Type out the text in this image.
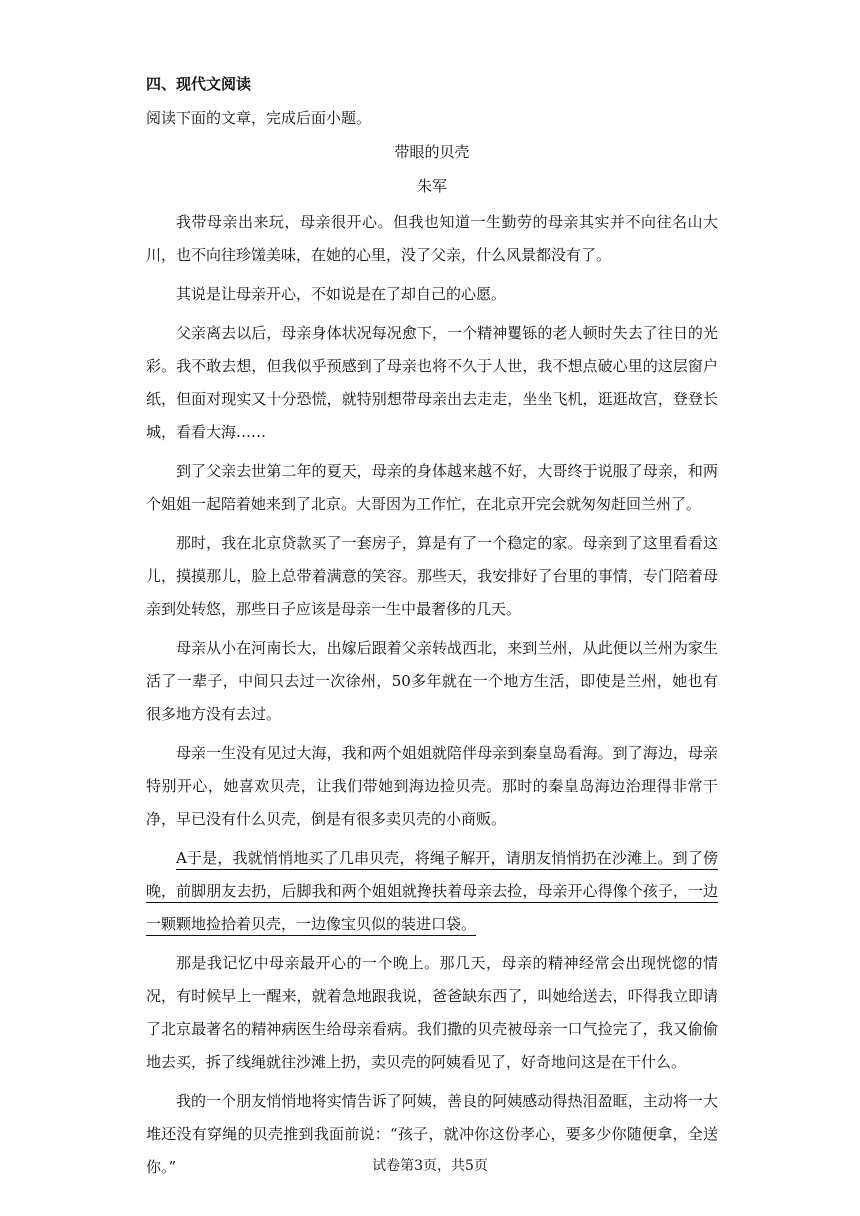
四、现代文阅读
阅读下面的文章，完成后面小题。
带眼的贝壳
朱军

我带母亲出来玩，母亲很开心。但我也知道一生勤劳的母亲其实并不向往名山大川，也不向往珍馐美味，在她的心里，没了父亲，什么风景都没有了。

其说是让母亲开心，不如说是在了却自己的心愿。

父亲离去以后，母亲身体状况每况愈下，一个精神矍铄的老人顿时失去了往日的光彩。我不敢去想，但我似乎预感到了母亲也将不久于人世，我不想点破心里的这层窗户纸，但面对现实又十分恐慌，就特别想带母亲出去走走，坐坐飞机，逛逛故宫，登登长城，看看大海……

到了父亲去世第二年的夏天，母亲的身体越来越不好，大哥终于说服了母亲，和两个姐姐一起陪着她来到了北京。大哥因为工作忙，在北京开完会就匆匆赶回兰州了。

那时，我在北京贷款买了一套房子，算是有了一个稳定的家。母亲到了这里看看这儿，摸摸那儿，脸上总带着满意的笑容。那些天，我安排好了台里的事情，专门陪着母亲到处转悠，那些日子应该是母亲一生中最奢侈的几天。

母亲从小在河南长大，出嫁后跟着父亲转战西北，来到兰州，从此便以兰州为家生活了一辈子，中间只去过一次徐州，50多年就在一个地方生活，即使是兰州，她也有很多地方没有去过。

母亲一生没有见过大海，我和两个姐姐就陪伴母亲到秦皇岛看海。到了海边，母亲特别开心，她喜欢贝壳，让我们带她到海边捡贝壳。那时的秦皇岛海边治理得非常干净，早已没有什么贝壳，倒是有很多卖贝壳的小商贩。

A于是，我就悄悄地买了几串贝壳，将绳子解开，请朋友悄悄扔在沙滩上。到了傍晚，前脚朋友去扔，后脚我和两个姐姐就搀扶着母亲去捡，母亲开心得像个孩子，一边一颗颗地捡拾着贝壳，一边像宝贝似的装进口袋。

那是我记忆中母亲最开心的一个晚上。那几天，母亲的精神经常会出现恍惚的情况，有时候早上一醒来，就着急地跟我说，爸爸缺东西了，叫她给送去，吓得我立即请了北京最著名的精神病医生给母亲看病。我们撒的贝壳被母亲一口气捡完了，我又偷偷地去买，拆了线绳就往沙滩上扔，卖贝壳的阿姨看见了，好奇地问这是在干什么。

我的一个朋友悄悄地将实情告诉了阿姨，善良的阿姨感动得热泪盈眶，主动将一大堆还没有穿绳的贝壳推到我面前说：“孩子，就冲你这份孝心，要多少你随便拿，全送你。”	试卷第3页，共5页
